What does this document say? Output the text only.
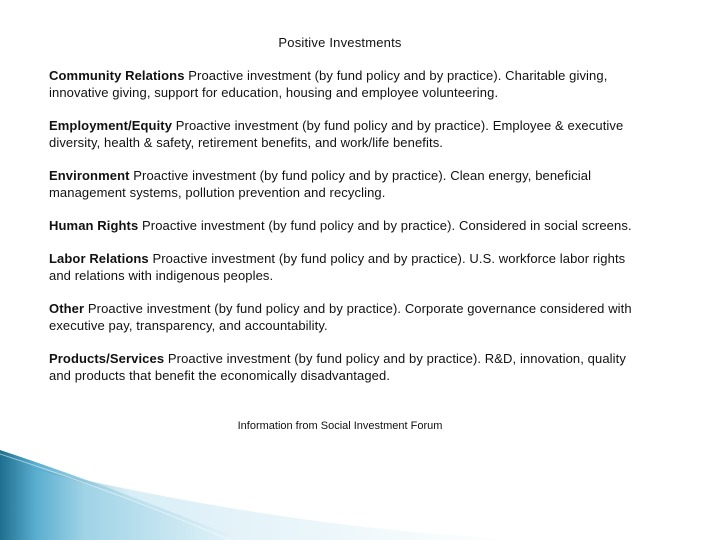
Positive Investments

Community Relations Proactive investment (by fund policy and by practice). Charitable giving, innovative giving, support for education, housing and employee volunteering.

Employment/Equity Proactive investment (by fund policy and by practice). Employee & executive diversity, health & safety, retirement benefits, and work/life benefits.

Environment Proactive investment (by fund policy and by practice). Clean energy, beneficial management systems, pollution prevention and recycling.

Human Rights Proactive investment (by fund policy and by practice). Considered in social screens.

Labor Relations Proactive investment (by fund policy and by practice). U.S. workforce labor rights and relations with indigenous peoples.

Other Proactive investment (by fund policy and by practice). Corporate governance considered with executive pay, transparency, and accountability.

Products/Services Proactive investment (by fund policy and by practice). R&D, innovation, quality and products that benefit the economically disadvantaged.

Information from Social Investment Forum
